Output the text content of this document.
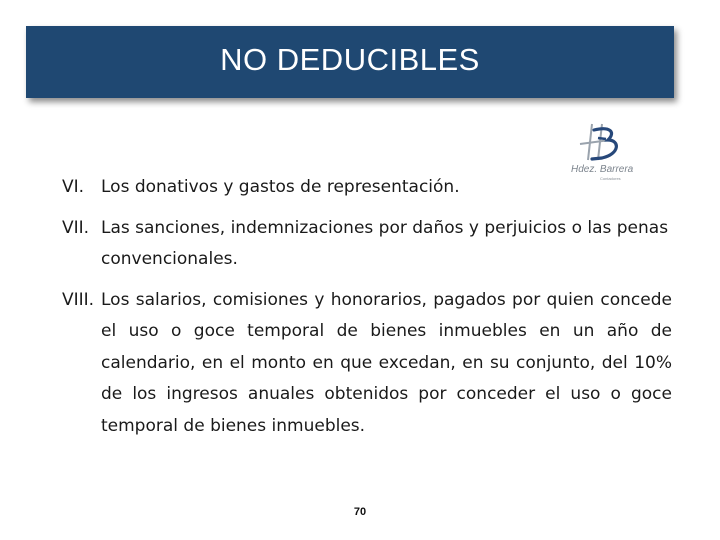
NO DEDUCIBLES
Hdez. Barrera
Contadores
VI. Los donativos y gastos de representación.
VII. Las sanciones, indemnizaciones por daños y perjuicios o las penas convencionales.
VIII. Los salarios, comisiones y honorarios, pagados por quien concede el uso o goce temporal de bienes inmuebles en un año de calendario, en el monto en que excedan, en su conjunto, del 10% de los ingresos anuales obtenidos por conceder el uso o goce temporal de bienes inmuebles.
70
